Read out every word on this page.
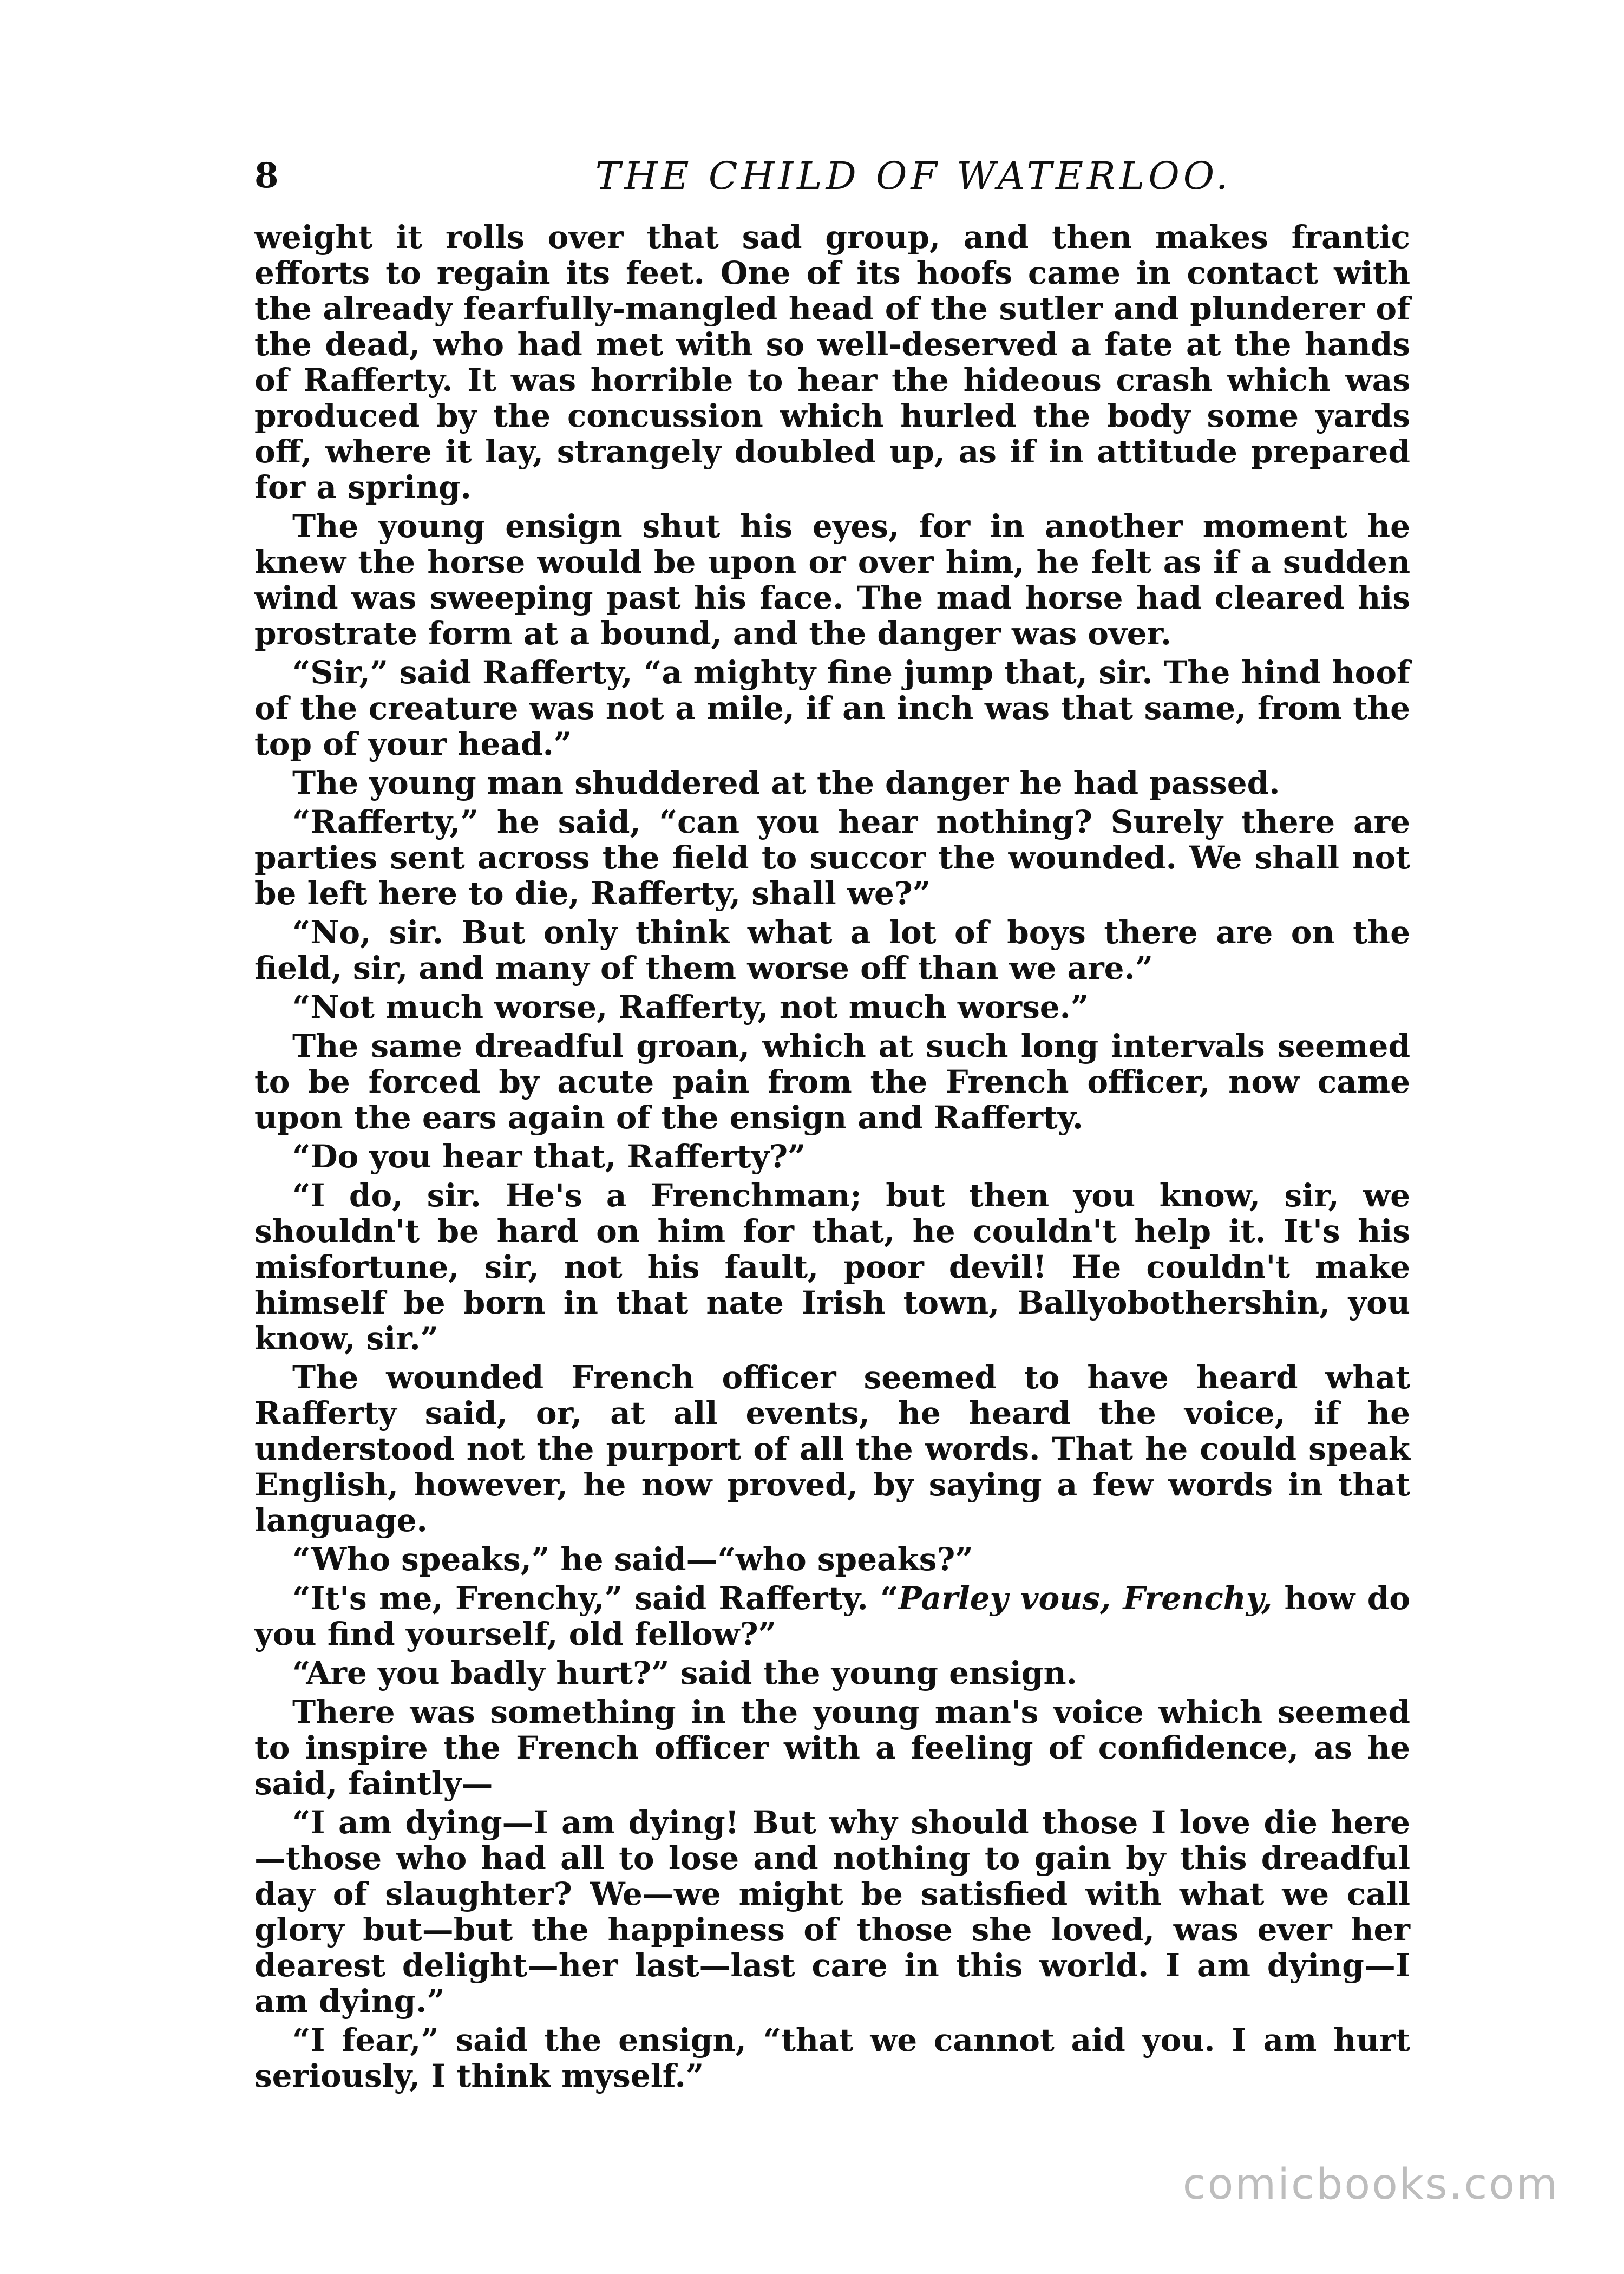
8	THE CHILD OF WATERLOO.

weight it rolls over that sad group, and then makes frantic efforts to regain its feet. One of its hoofs came in contact with the already fearfully-mangled head of the sutler and plunderer of the dead, who had met with so well-deserved a fate at the hands of Rafferty. It was horrible to hear the hideous crash which was produced by the concussion which hurled the body some yards off, where it lay, strangely doubled up, as if in attitude prepared for a spring.

The young ensign shut his eyes, for in another moment he knew the horse would be upon or over him, he felt as if a sudden wind was sweeping past his face. The mad horse had cleared his prostrate form at a bound, and the danger was over.

“Sir,” said Rafferty, “a mighty fine jump that, sir. The hind hoof of the creature was not a mile, if an inch was that same, from the top of your head.”

The young man shuddered at the danger he had passed.

“Rafferty,” he said, “can you hear nothing? Surely there are parties sent across the field to succor the wounded. We shall not be left here to die, Rafferty, shall we?”

“No, sir. But only think what a lot of boys there are on the field, sir, and many of them worse off than we are.”

“Not much worse, Rafferty, not much worse.”

The same dreadful groan, which at such long intervals seemed to be forced by acute pain from the French officer, now came upon the ears again of the ensign and Rafferty.

“Do you hear that, Rafferty?”

“I do, sir. He's a Frenchman; but then you know, sir, we shouldn't be hard on him for that, he couldn't help it. It's his misfortune, sir, not his fault, poor devil! He couldn't make himself be born in that nate Irish town, Ballyobothershin, you know, sir.”

The wounded French officer seemed to have heard what Rafferty said, or, at all events, he heard the voice, if he understood not the purport of all the words. That he could speak English, however, he now proved, by saying a few words in that language.

“Who speaks,” he said—“who speaks?”

“It's me, Frenchy,” said Rafferty. “Parley vous, Frenchy, how do you find yourself, old fellow?”

“Are you badly hurt?” said the young ensign.

There was something in the young man's voice which seemed to inspire the French officer with a feeling of confidence, as he said, faintly—

“I am dying—I am dying! But why should those I love die here—those who had all to lose and nothing to gain by this dreadful day of slaughter? We—we might be satisfied with what we call glory but—but the happiness of those she loved, was ever her dearest delight—her last—last care in this world. I am dying—I am dying.”

“I fear,” said the ensign, “that we cannot aid you. I am hurt seriously, I think myself.”

comicbooks.com
